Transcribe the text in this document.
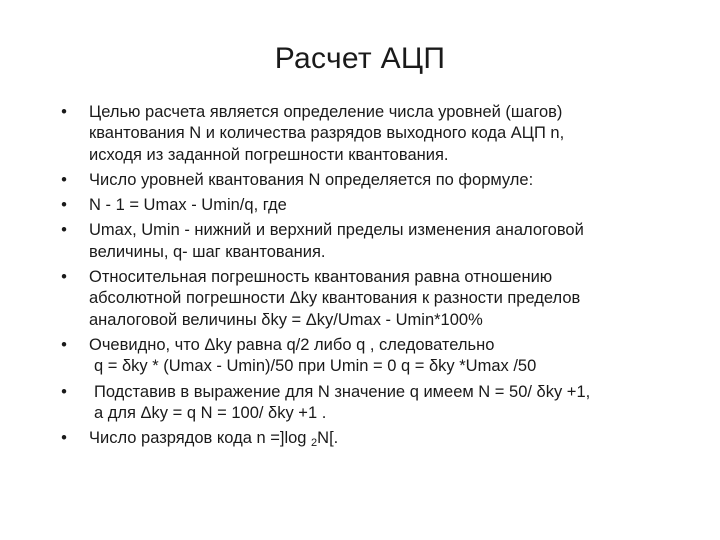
Расчет АЦП
• Целью расчета является определение числа уровней (шагов)
квантования N и количества разрядов выходного кода АЦП n,
исходя из заданной погрешности квантования.
• Число уровней квантования N определяется по формуле:
• N - 1 = Umax - Umin/q, где
• Umax, Umin - нижний и верхний пределы изменения аналоговой
величины, q- шаг квантования.
• Относительная погрешность квантования равна отношению
абсолютной погрешности Δky квантования к разности пределов
аналоговой величины δky = Δky/Umax - Umin*100%
• Очевидно, что Δky равна q/2 либо q , следовательно
q = δky * (Umax - Umin)/50 при Umin = 0 q = δky *Umax /50
•	Подставив в выражение для N значение q имеем N = 50/ δky +1,
а для Δky = q N = 100/ δky +1 .
• Число разрядов кода n =]log $_2$N[.
